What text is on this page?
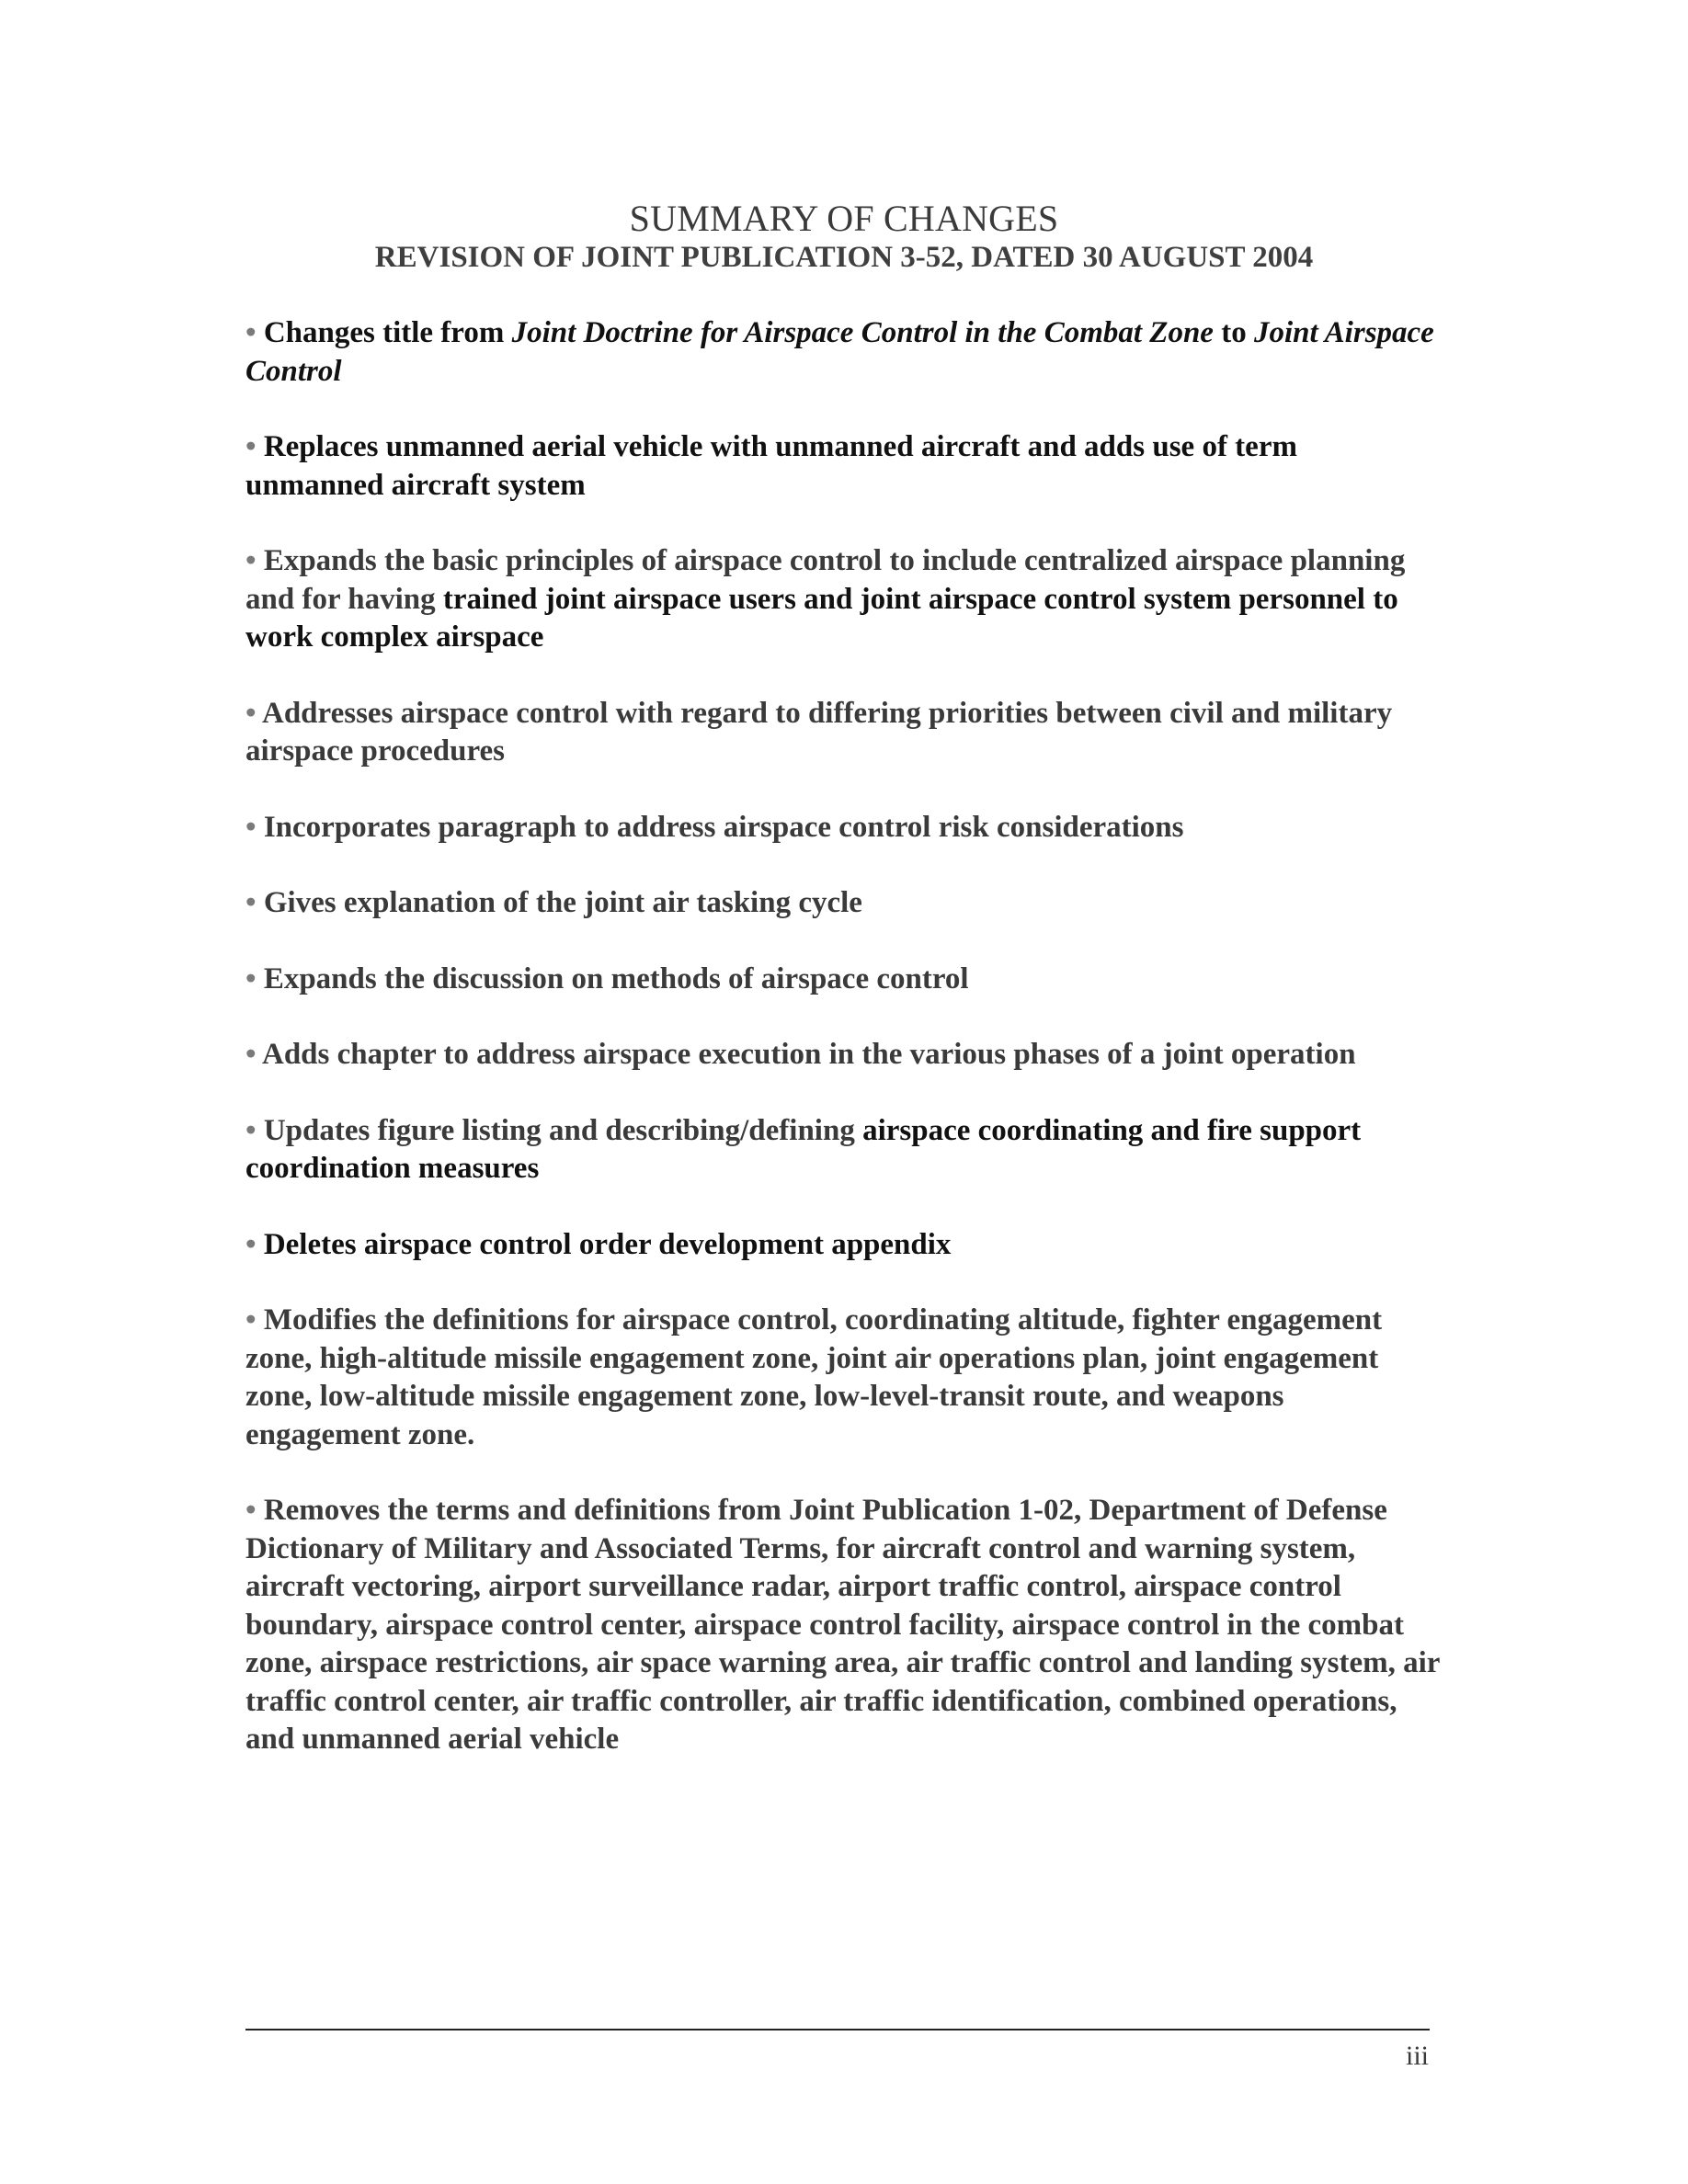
SUMMARY OF CHANGES
REVISION OF JOINT PUBLICATION 3-52, DATED 30 AUGUST 2004
• Changes title from Joint Doctrine for Airspace Control in the Combat Zone to Joint Airspace Control
• Replaces unmanned aerial vehicle with unmanned aircraft and adds use of term unmanned aircraft system
• Expands the basic principles of airspace control to include centralized airspace planning and for having trained joint airspace users and joint airspace control system personnel to work complex airspace
• Addresses airspace control with regard to differing priorities between civil and military airspace procedures
• Incorporates paragraph to address airspace control risk considerations
• Gives explanation of the joint air tasking cycle
• Expands the discussion on methods of airspace control
• Adds chapter to address airspace execution in the various phases of a joint operation
• Updates figure listing and describing/defining airspace coordinating and fire support coordination measures
• Deletes airspace control order development appendix
• Modifies the definitions for airspace control, coordinating altitude, fighter engagement zone, high-altitude missile engagement zone, joint air operations plan, joint engagement zone, low-altitude missile engagement zone, low-level-transit route, and weapons engagement zone.
• Removes the terms and definitions from Joint Publication 1-02, Department of Defense Dictionary of Military and Associated Terms, for aircraft control and warning system, aircraft vectoring, airport surveillance radar, airport traffic control, airspace control boundary, airspace control center, airspace control facility, airspace control in the combat zone, airspace restrictions, air space warning area, air traffic control and landing system, air traffic control center, air traffic controller, air traffic identification, combined operations, and unmanned aerial vehicle
iii
